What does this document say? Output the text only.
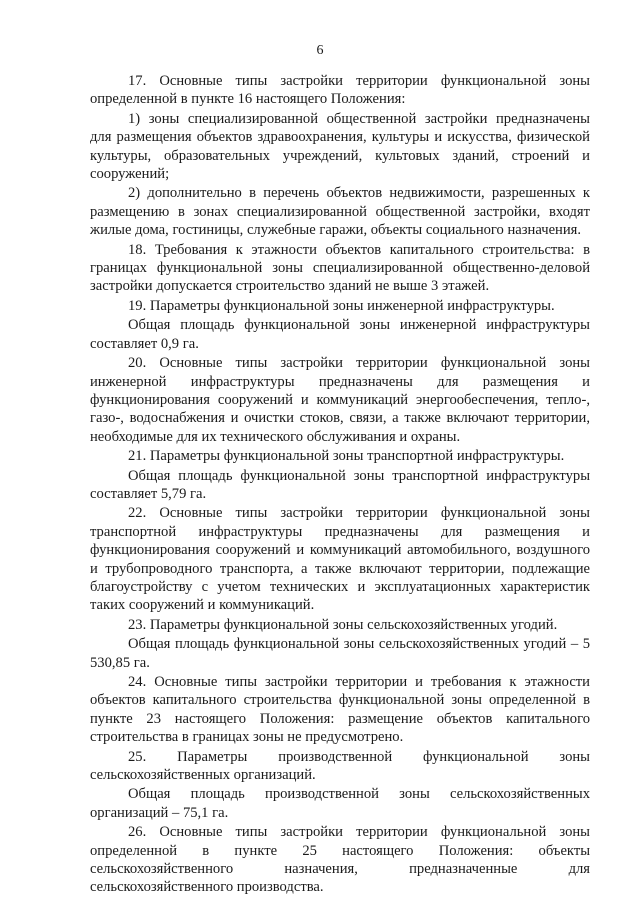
6

17. Основные типы застройки территории функциональной зоны определенной в пункте 16 настоящего Положения:

1) зоны специализированной общественной застройки предназначены для размещения объектов здравоохранения, культуры и искусства, физической культуры, образовательных учреждений, культовых зданий, строений и сооружений;

2) дополнительно в перечень объектов недвижимости, разрешенных к размещению в зонах специализированной общественной застройки, входят жилые дома, гостиницы, служебные гаражи, объекты социального назначения.

18. Требования к этажности объектов капитального строительства: в границах функциональной зоны специализированной общественно-деловой застройки допускается строительство зданий не выше 3 этажей.

19. Параметры функциональной зоны инженерной инфраструктуры.

Общая площадь функциональной зоны инженерной инфраструктуры составляет 0,9 га.

20. Основные типы застройки территории функциональной зоны инженерной инфраструктуры предназначены для размещения и функционирования сооружений и коммуникаций энергообеспечения, тепло-, газо-, водоснабжения и очистки стоков, связи, а также включают территории, необходимые для их технического обслуживания и охраны.

21. Параметры функциональной зоны транспортной инфраструктуры.

Общая площадь функциональной зоны транспортной инфраструктуры составляет 5,79 га.

22. Основные типы застройки территории функциональной зоны транспортной инфраструктуры предназначены для размещения и функционирования сооружений и коммуникаций автомобильного, воздушного и трубопроводного транспорта, а также включают территории, подлежащие благоустройству с учетом технических и эксплуатационных характеристик таких сооружений и коммуникаций.

23. Параметры функциональной зоны сельскохозяйственных угодий.

Общая площадь функциональной зоны сельскохозяйственных угодий – 5 530,85 га.

24. Основные типы застройки территории и требования к этажности объектов капитального строительства функциональной зоны определенной в пункте 23 настоящего Положения: размещение объектов капитального строительства в границах зоны не предусмотрено.

25. Параметры производственной функциональной зоны сельскохозяйственных организаций.

Общая площадь производственной зоны сельскохозяйственных организаций – 75,1 га.

26. Основные типы застройки территории функциональной зоны определенной в пункте 25 настоящего Положения: объекты сельскохозяйственного назначения, предназначенные для сельскохозяйственного производства.
